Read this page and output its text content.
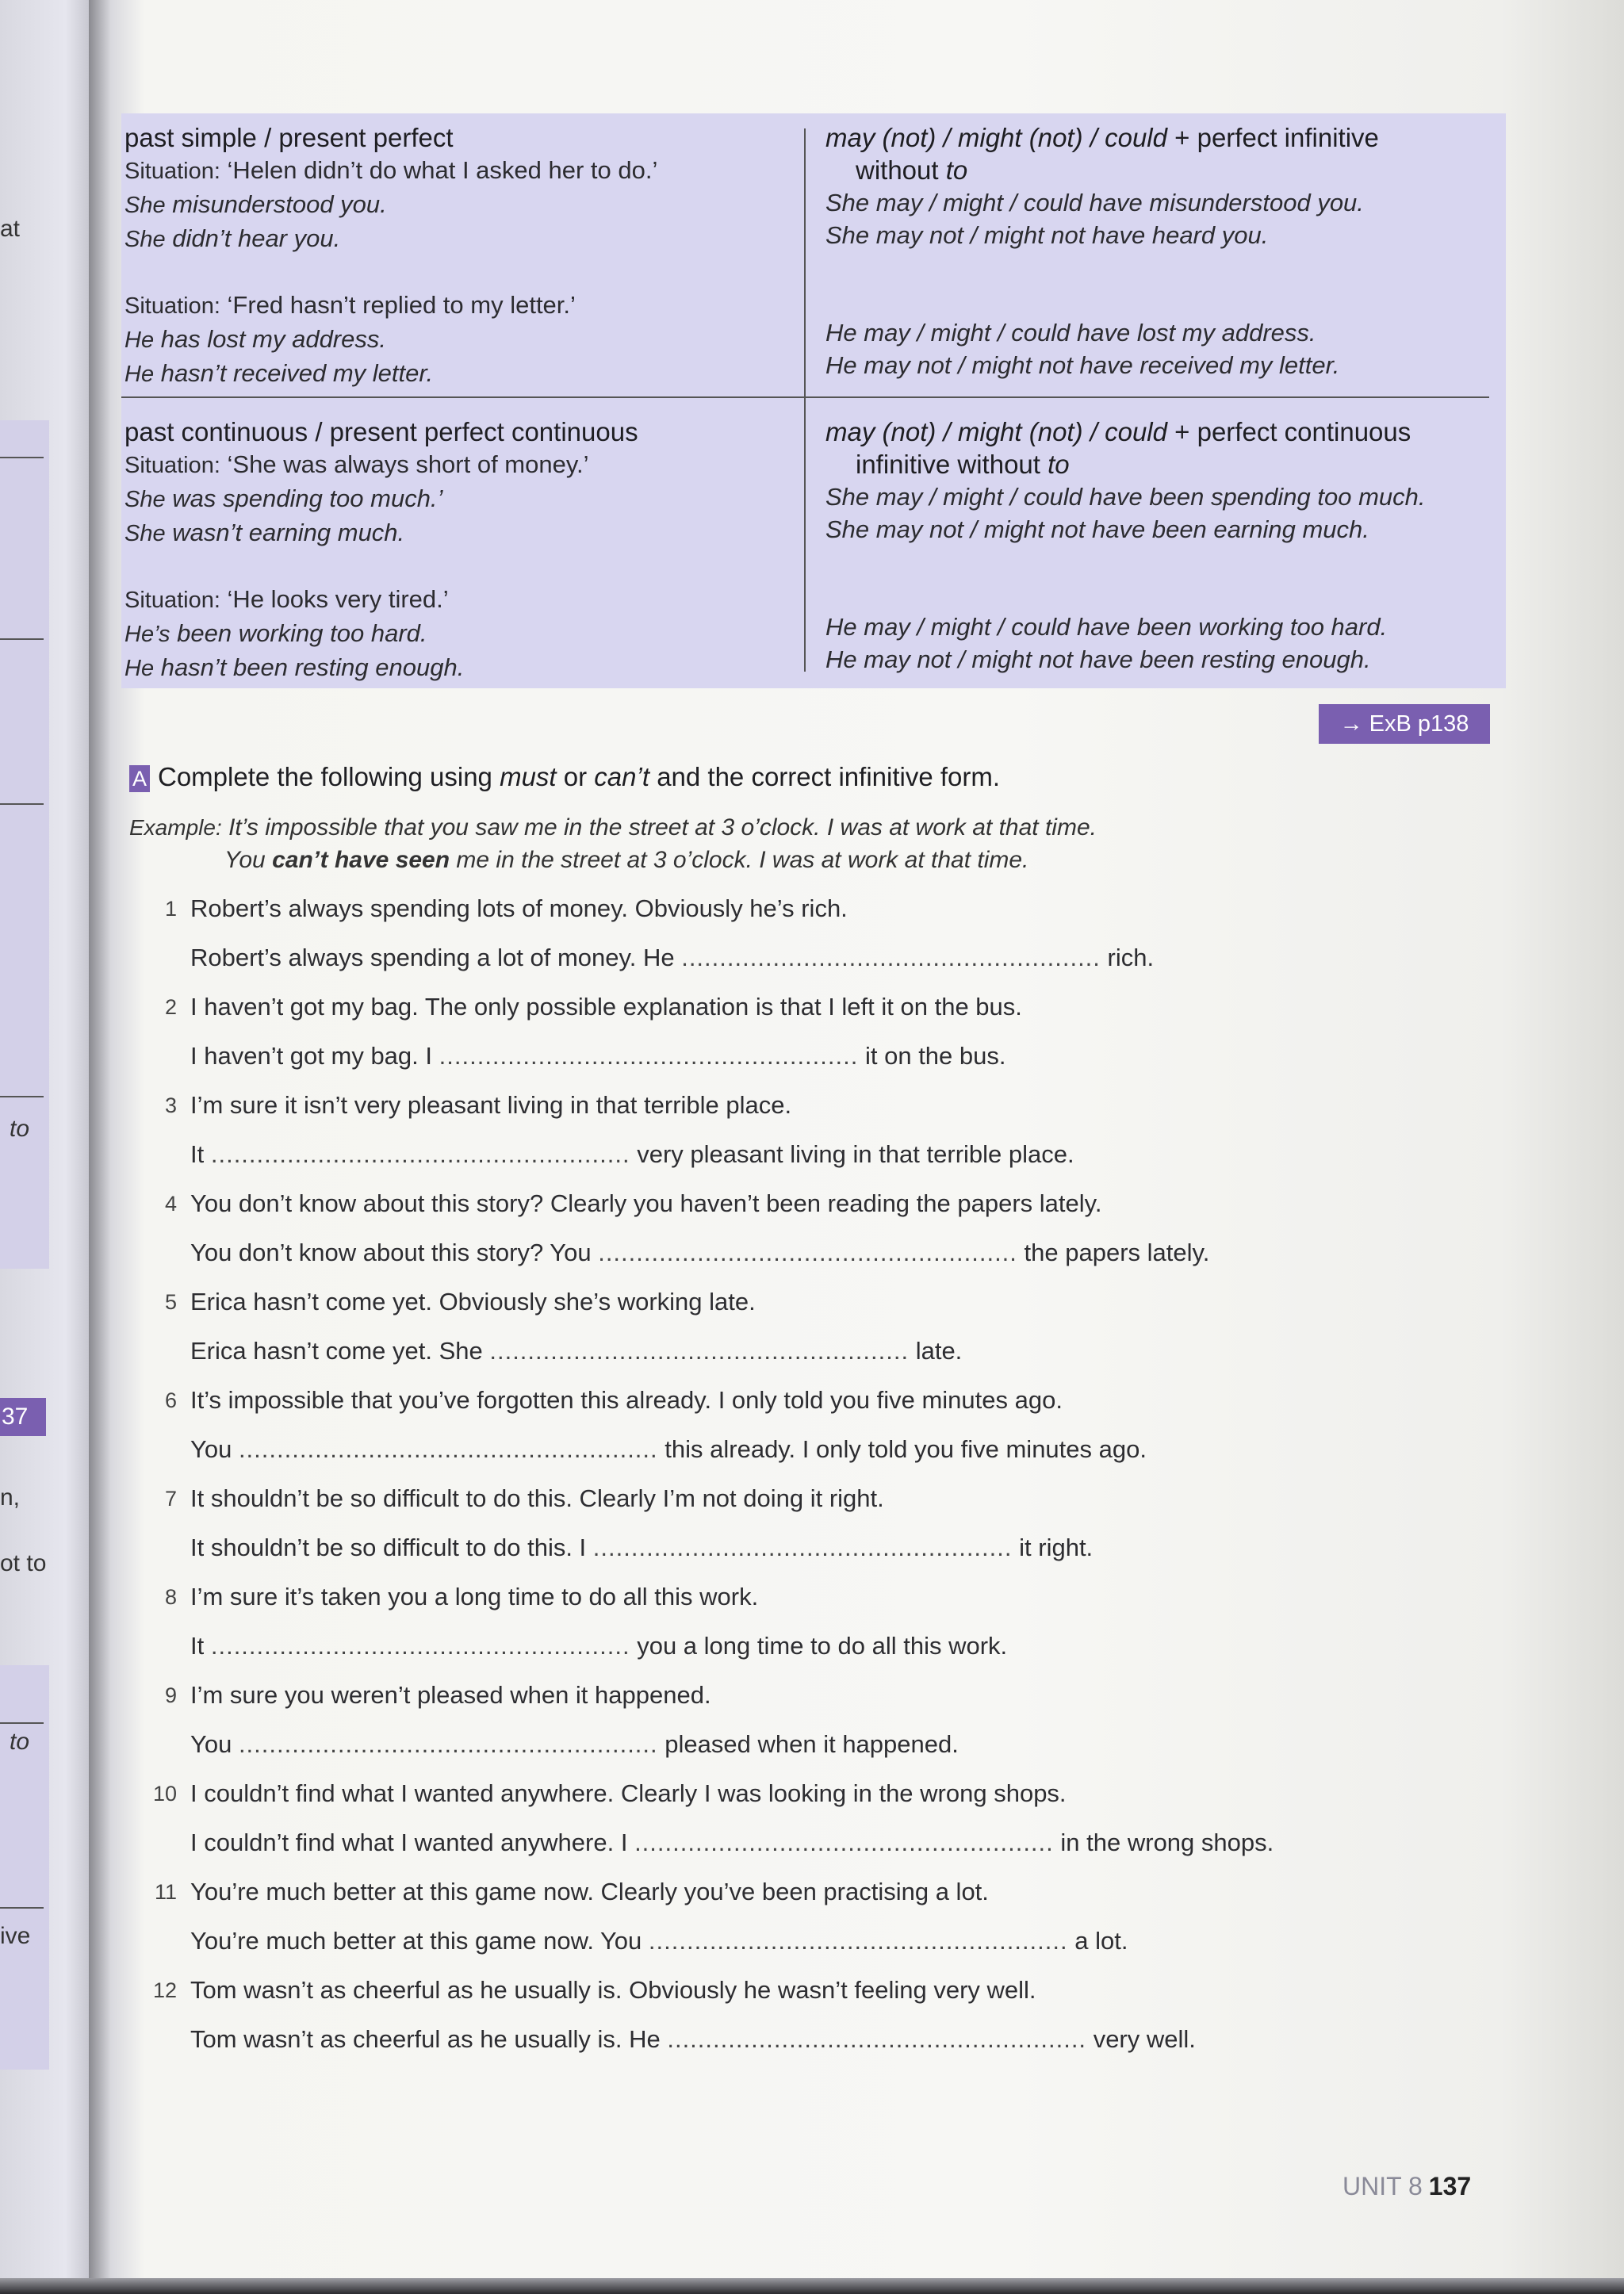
at
to
37
n,
ot to
to
ive
past simple / present perfect
Situation: ‘Helen didn’t do what I asked her to do.’
She misunderstood you.
She didn’t hear you.
Situation: ‘Fred hasn’t replied to my letter.’
He has lost my address.
He hasn’t received my letter.
may (not) / might (not) / could + perfect infinitive
without to
She may / might / could have misunderstood you.
She may not / might not have heard you.
He may / might / could have lost my address.
He may not / might not have received my letter.
past continuous / present perfect continuous
Situation: ‘She was always short of money.’
She was spending too much.’
She wasn’t earning much.
Situation: ‘He looks very tired.’
He’s been working too hard.
He hasn’t been resting enough.
may (not) / might (not) / could + perfect continuous
infinitive without to
She may / might / could have been spending too much.
She may not / might not have been earning much.
He may / might / could have been working too hard.
He may not / might not have been resting enough.
→ ExB p138
A Complete the following using must or can’t and the correct infinitive form.
Example: It’s impossible that you saw me in the street at 3 o’clock. I was at work at that time.
You can’t have seen me in the street at 3 o’clock. I was at work at that time.
1 Robert’s always spending lots of money. Obviously he’s rich.
Robert’s always spending a lot of money. He ....................................................... rich.
2 I haven’t got my bag. The only possible explanation is that I left it on the bus.
I haven’t got my bag. I ....................................................... it on the bus.
3 I’m sure it isn’t very pleasant living in that terrible place.
It ....................................................... very pleasant living in that terrible place.
4 You don’t know about this story? Clearly you haven’t been reading the papers lately.
You don’t know about this story? You ....................................................... the papers lately.
5 Erica hasn’t come yet. Obviously she’s working late.
Erica hasn’t come yet. She ....................................................... late.
6 It’s impossible that you’ve forgotten this already. I only told you five minutes ago.
You ....................................................... this already. I only told you five minutes ago.
7 It shouldn’t be so difficult to do this. Clearly I’m not doing it right.
It shouldn’t be so difficult to do this. I ....................................................... it right.
8 I’m sure it’s taken you a long time to do all this work.
It ....................................................... you a long time to do all this work.
9 I’m sure you weren’t pleased when it happened.
You ....................................................... pleased when it happened.
10 I couldn’t find what I wanted anywhere. Clearly I was looking in the wrong shops.
I couldn’t find what I wanted anywhere. I ....................................................... in the wrong shops.
11 You’re much better at this game now. Clearly you’ve been practising a lot.
You’re much better at this game now. You ....................................................... a lot.
12 Tom wasn’t as cheerful as he usually is. Obviously he wasn’t feeling very well.
Tom wasn’t as cheerful as he usually is. He ....................................................... very well.
UNIT 8 137
